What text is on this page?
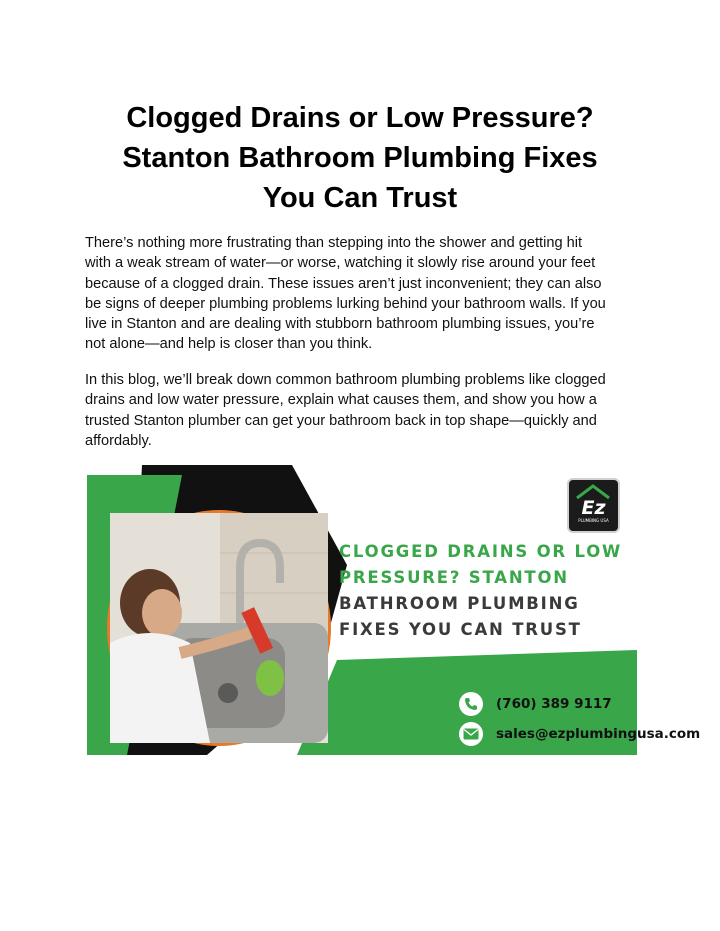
Clogged Drains or Low Pressure?
Stanton Bathroom Plumbing Fixes
You Can Trust
There’s nothing more frustrating than stepping into the shower and getting hit
with a weak stream of water—or worse, watching it slowly rise around your feet
because of a clogged drain. These issues aren’t just inconvenient; they can also
be signs of deeper plumbing problems lurking behind your bathroom walls. If you
live in Stanton and are dealing with stubborn bathroom plumbing issues, you’re
not alone—and help is closer than you think.
In this blog, we’ll break down common bathroom plumbing problems like clogged
drains and low water pressure, explain what causes them, and show you how a
trusted Stanton plumber can get your bathroom back in top shape—quickly and
affordably.
Ez
PLUMBING USA
CLOGGED DRAINS OR LOW
PRESSURE? STANTON
BATHROOM PLUMBING
FIXES YOU CAN TRUST
(760) 389 9117
sales@ezplumbingusa.com
